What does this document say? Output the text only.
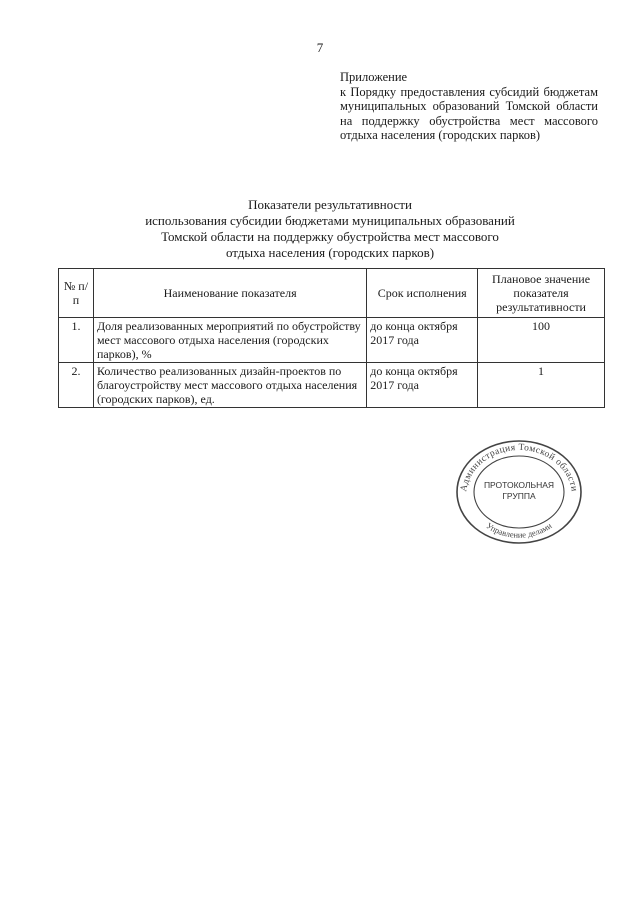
7

Приложение

к Порядку предоставления субсидий бюджетам муниципальных образований Томской области на поддержку обустройства мест массового отдыха населения (городских парков)

Показатели результативности
использования субсидии бюджетами муниципальных образований
Томской области на поддержку обустройства мест массового
отдыха населения (городских парков)
№ п/п	Наименование показателя	Срок исполнения	Плановое значение показателя результативности
1.	Доля реализованных мероприятий по обустройству мест массового отдыха населения (городских парков), %	до конца октября 2017 года	100
2.	Количество реализованных дизайн-проектов по благоустройству мест массового отдыха населения (городских парков), ед.	до конца октября 2017 года	1
Администрация Томской области
Управление делами
ПРОТОКОЛЬНАЯ
ГРУППА
